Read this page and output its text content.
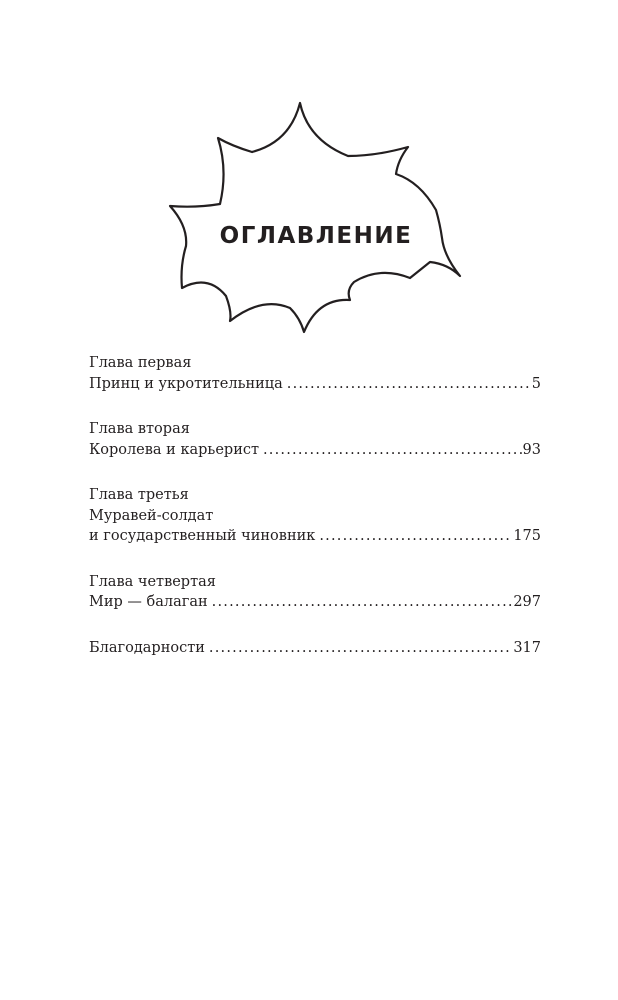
ОГЛАВЛЕНИЕ
Глава первая
Принц и укротительница .....	5
Глава вторая
Королева и карьерист .....	93
Глава третья
Муравей-солдат
и государственный чиновник .....	175
Глава четвертая
Мир — балаган .....	297
Благодарности .....	317
